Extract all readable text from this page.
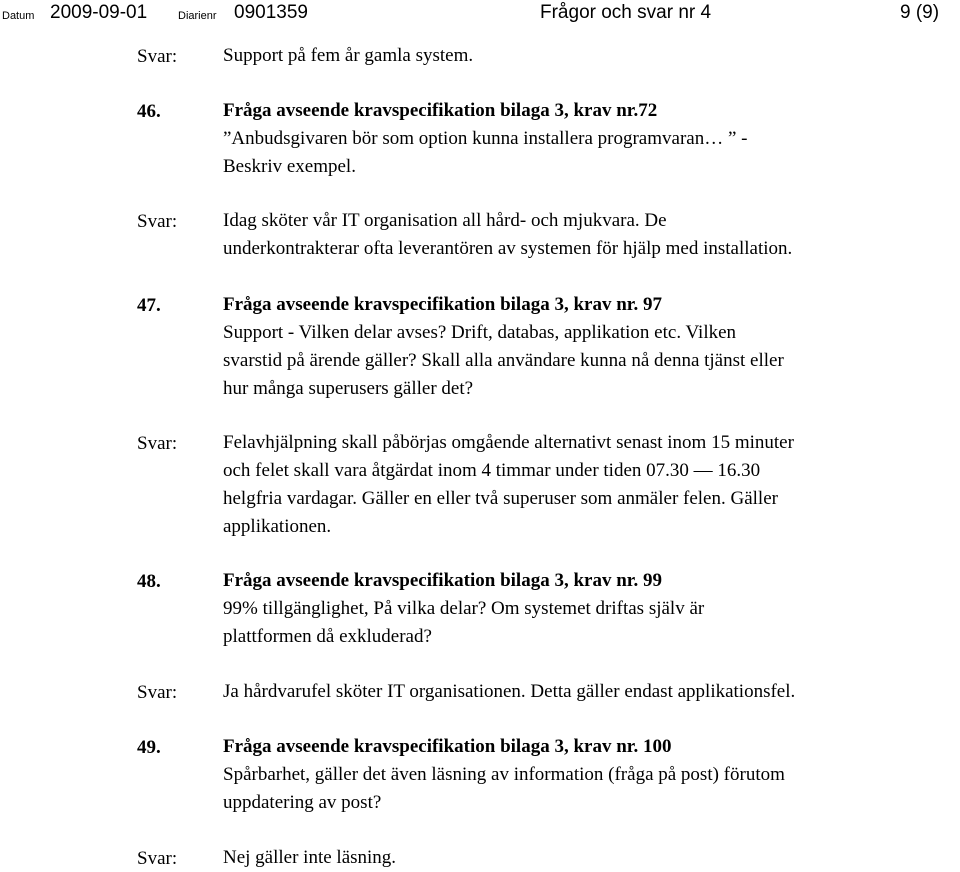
Datum 2009-09-01	Diarienr 0901359	Frågor och svar nr 4	9 (9)
Svar: Support på fem år gamla system.
46.	Fråga avseende kravspecifikation bilaga 3, krav nr.72
”Anbudsgivaren bör som option kunna installera programvaran… ” -
Beskriv exempel.
Svar: Idag sköter vår IT organisation all hård- och mjukvara. De
underkontrakterar ofta leverantören av systemen för hjälp med installation.
47.	Fråga avseende kravspecifikation bilaga 3, krav nr. 97
Support - Vilken delar avses? Drift, databas, applikation etc. Vilken
svarstid på ärende gäller? Skall alla användare kunna nå denna tjänst eller
hur många superusers gäller det?
Svar: Felavhjälpning skall påbörjas omgående alternativt senast inom 15 minuter
och felet skall vara åtgärdat inom 4 timmar under tiden 07.30 — 16.30
helgfria vardagar. Gäller en eller två superuser som anmäler felen. Gäller
applikationen.
48.	Fråga avseende kravspecifikation bilaga 3, krav nr. 99
99% tillgänglighet, På vilka delar? Om systemet driftas själv är
plattformen då exkluderad?
Svar: Ja hårdvarufel sköter IT organisationen. Detta gäller endast applikationsfel.
49.	Fråga avseende kravspecifikation bilaga 3, krav nr. 100
Spårbarhet, gäller det även läsning av information (fråga på post) förutom
uppdatering av post?
Svar: Nej gäller inte läsning.
